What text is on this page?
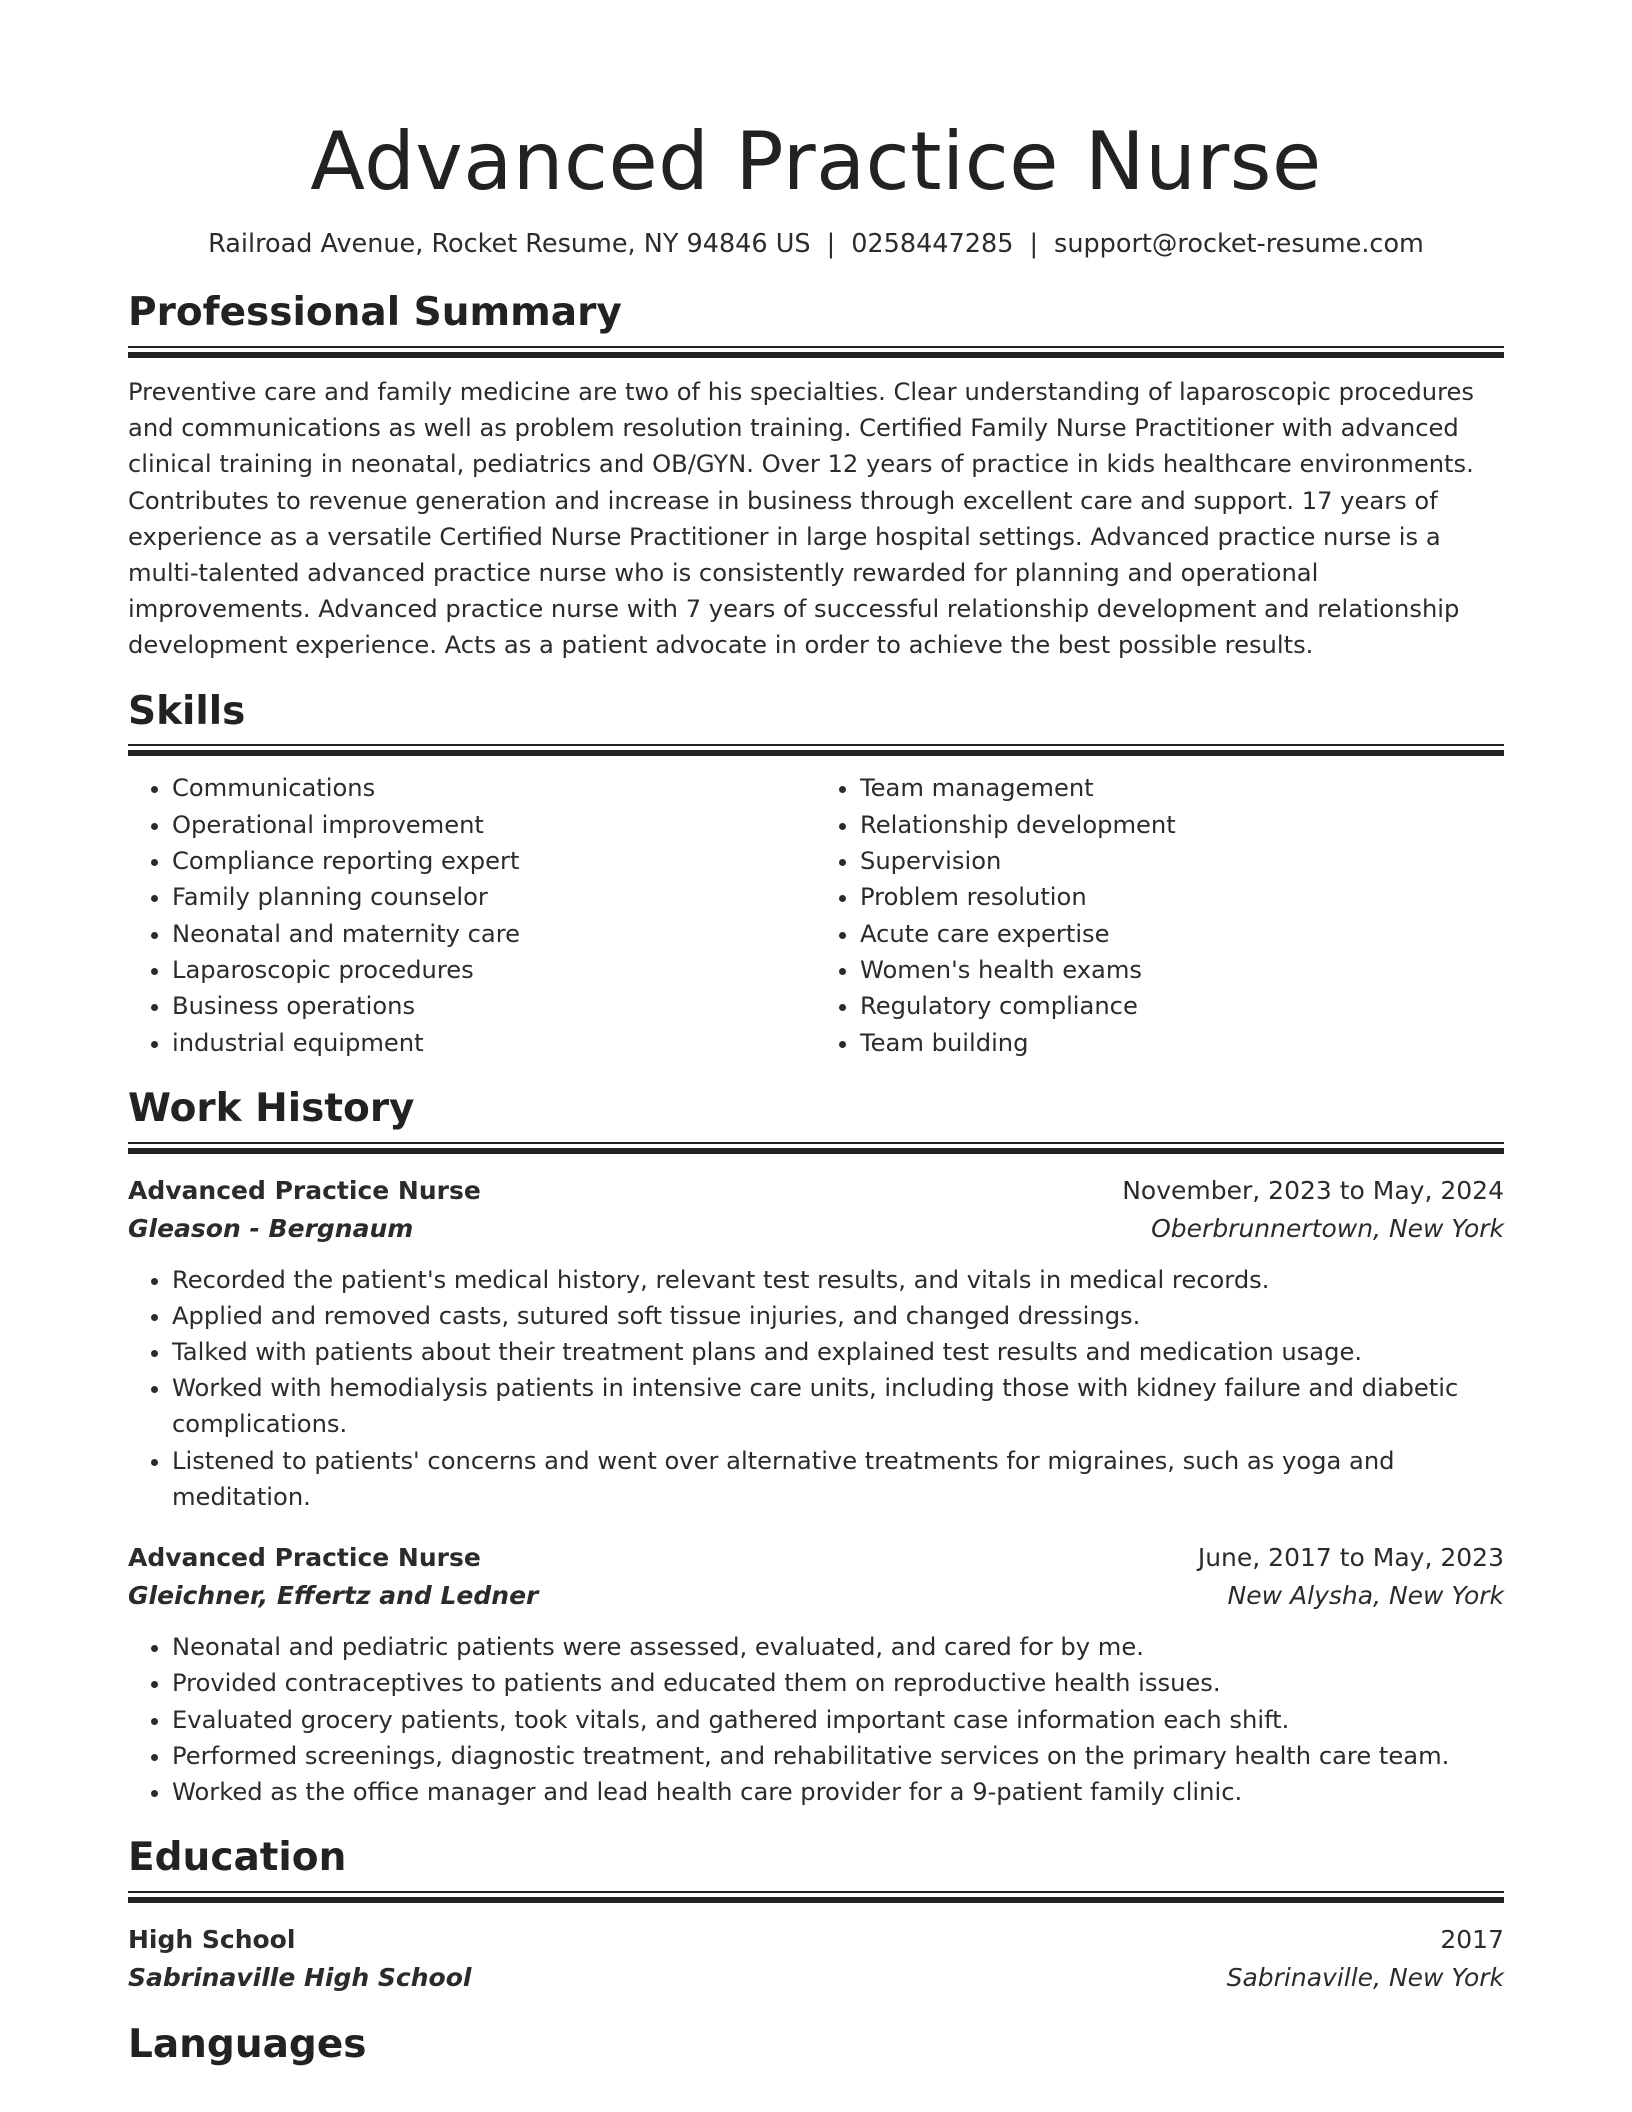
Advanced Practice Nurse
Railroad Avenue, Rocket Resume, NY 94846 US | 0258447285 | support@rocket-resume.com
Professional Summary
Preventive care and family medicine are two of his specialties. Clear understanding of laparoscopic procedures and communications as well as problem resolution training. Certified Family Nurse Practitioner with advanced clinical training in neonatal, pediatrics and OB/GYN. Over 12 years of practice in kids healthcare environments. Contributes to revenue generation and increase in business through excellent care and support. 17 years of experience as a versatile Certified Nurse Practitioner in large hospital settings. Advanced practice nurse is a multi-talented advanced practice nurse who is consistently rewarded for planning and operational improvements. Advanced practice nurse with 7 years of successful relationship development and relationship development experience. Acts as a patient advocate in order to achieve the best possible results.
Skills
• Communications
• Operational improvement
• Compliance reporting expert
• Family planning counselor
• Neonatal and maternity care
• Laparoscopic procedures
• Business operations
• industrial equipment
• Team management
• Relationship development
• Supervision
• Problem resolution
• Acute care expertise
• Women's health exams
• Regulatory compliance
• Team building
Work History
Advanced Practice Nurse	November, 2023 to May, 2024
Gleason - Bergnaum	Oberbrunnertown, New York
• Recorded the patient's medical history, relevant test results, and vitals in medical records.
• Applied and removed casts, sutured soft tissue injuries, and changed dressings.
• Talked with patients about their treatment plans and explained test results and medication usage.
• Worked with hemodialysis patients in intensive care units, including those with kidney failure and diabetic complications.
• Listened to patients' concerns and went over alternative treatments for migraines, such as yoga and meditation.
Advanced Practice Nurse	June, 2017 to May, 2023
Gleichner, Effertz and Ledner	New Alysha, New York
• Neonatal and pediatric patients were assessed, evaluated, and cared for by me.
• Provided contraceptives to patients and educated them on reproductive health issues.
• Evaluated grocery patients, took vitals, and gathered important case information each shift.
• Performed screenings, diagnostic treatment, and rehabilitative services on the primary health care team.
• Worked as the office manager and lead health care provider for a 9-patient family clinic.
Education
High School	2017
Sabrinaville High School	Sabrinaville, New York
Languages
